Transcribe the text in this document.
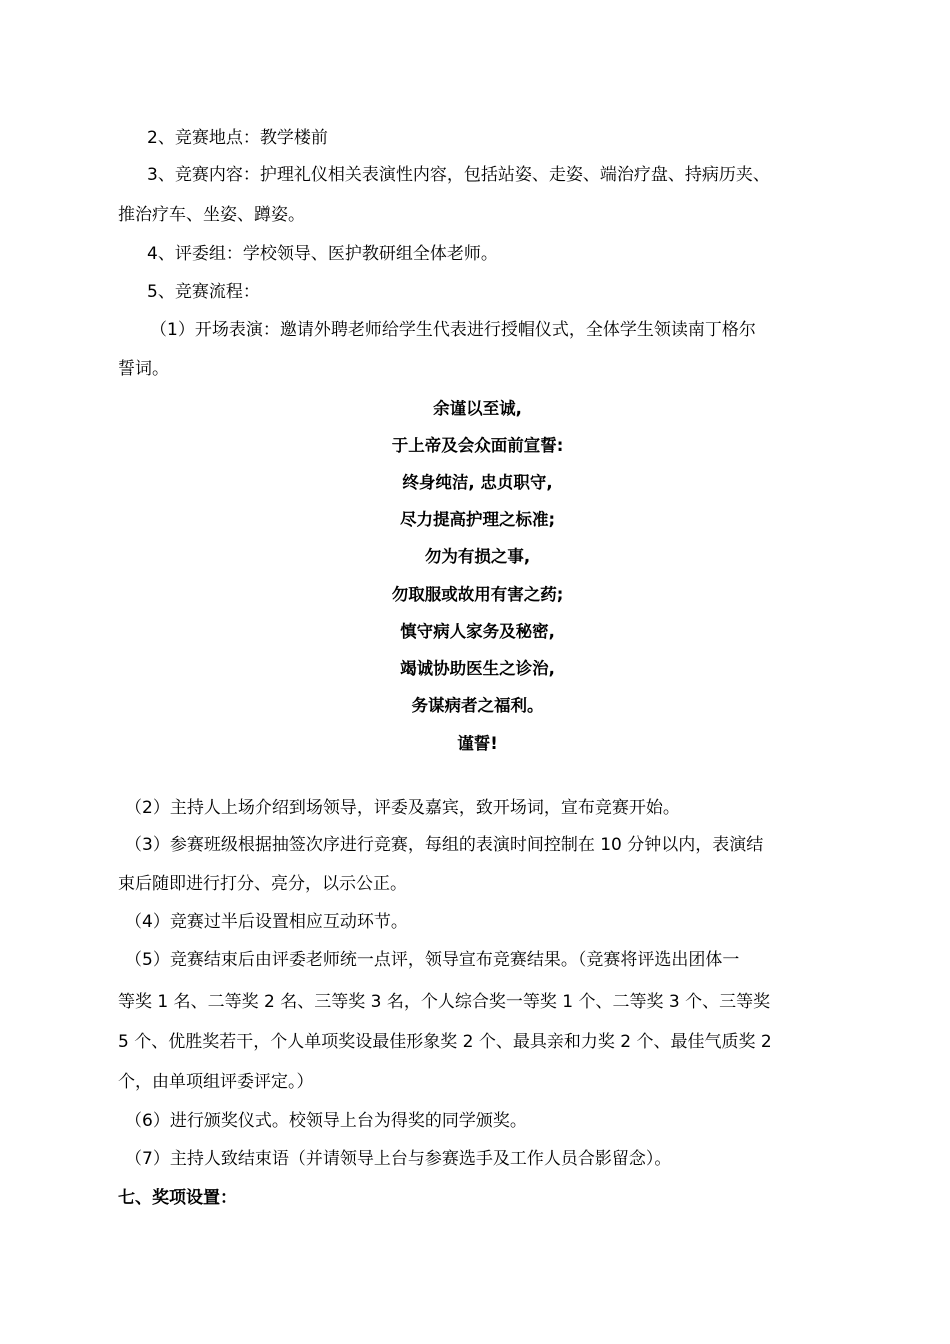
2、竞赛地点：教学楼前
3、竞赛内容：护理礼仪相关表演性内容，包括站姿、走姿、端治疗盘、持病历夹、
推治疗车、坐姿、蹲姿。
4、评委组：学校领导、医护教研组全体老师。
5、竞赛流程：
（1）开场表演：邀请外聘老师给学生代表进行授帽仪式，全体学生领读南丁格尔
誓词。
余谨以至诚,
于上帝及会众面前宣誓:
终身纯洁, 忠贞职守,
尽力提高护理之标准;
勿为有损之事,
勿取服或故用有害之药;
慎守病人家务及秘密,
竭诚协助医生之诊治,
务谋病者之福利。
谨誓!
（2）主持人上场介绍到场领导，评委及嘉宾，致开场词，宣布竞赛开始。
（3）参赛班级根据抽签次序进行竞赛，每组的表演时间控制在 10 分钟以内，表演结
束后随即进行打分、亮分，以示公正。
（4）竞赛过半后设置相应互动环节。
（5）竞赛结束后由评委老师统一点评，领导宣布竞赛结果。（竞赛将评选出团体一
等奖 1 名、二等奖 2 名、三等奖 3 名，个人综合奖一等奖 1 个、二等奖 3 个、三等奖
5 个、优胜奖若干，个人单项奖设最佳形象奖 2 个、最具亲和力奖 2 个、最佳气质奖 2
个，由单项组评委评定。）
（6）进行颁奖仪式。校领导上台为得奖的同学颁奖。
（7）主持人致结束语（并请领导上台与参赛选手及工作人员合影留念）。
七、奖项设置：
